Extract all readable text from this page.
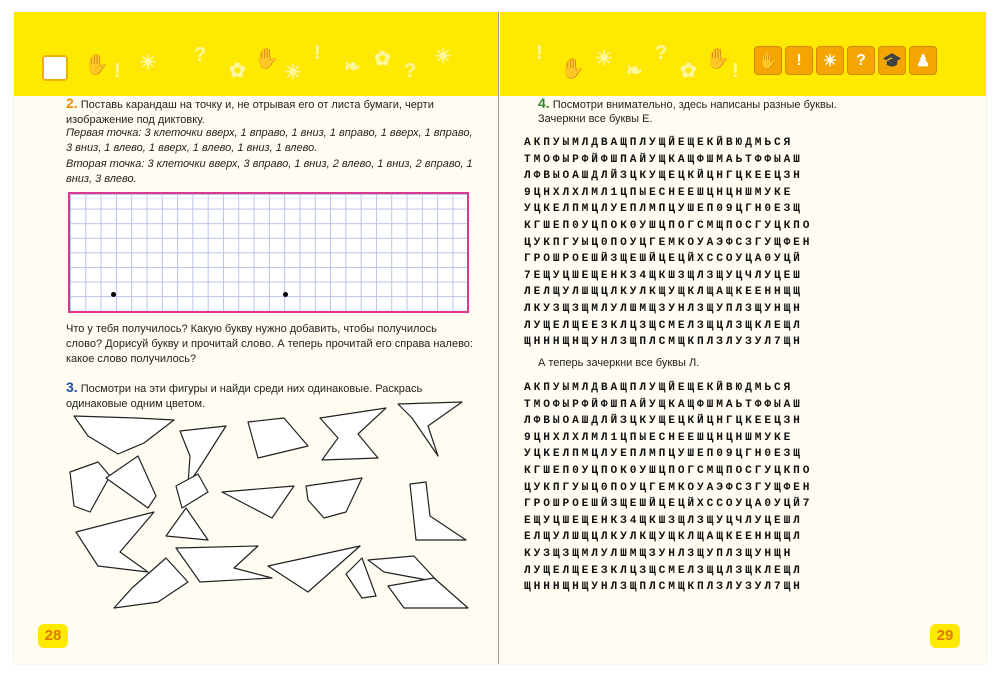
✋ ! ☀ ?
✿
✋
☀
!
❧ ✿
?
☀
2. Поставь карандаш на точку и, не отрывая его от листа бумаги, черти изображение под диктовку.
Первая точка: 3 клеточки вверх, 1 вправо, 1 вниз, 1 вправо, 1 вверх, 1 вправо, 3 вниз, 1 влево, 1 вверх, 1 влево, 1 вниз, 1 влево.
Вторая точка: 3 клеточки вверх, 3 вправо, 1 вниз, 2 влево, 1 вниз, 2 вправо, 1 вниз, 3 влево.
Что у тебя получилось? Какую букву нужно добавить, чтобы получилось слово? Дорисуй букву и прочитай слово. А теперь прочитай его справа налево: какое слово получилось?
3. Посмотри на эти фигуры и найди среди них одинаковые. Раскрась одинаковые одним цветом.
28
!
✋ ☀
❧
?
✿
✋
! ✋	!	☀	?	🎓 ♟
29
4. Посмотри внимательно, здесь написаны разные буквы.
Зачеркни все буквы Е.
АКПУЫМЛДВАЩПЛУЩЙЕЩЕКЙВЮДМЬСЯ
ТМОФЫРФЙФШПАЙУЩКАЩФШМАЬТФФЫАШ
ЛФВЫОАШДЛЙЗЦКУЩЕЦКЙЦНГЦКЕЕЦЗН
9ЦНХЛХЛМЛ1ЦПЫЕСНЕЕШЦНЦНШМУКЕ
УЦКЕЛПМЦЛУЕПЛМПЦУШЕП09ЦГН0ЕЗЩ
КГШЕП0УЦПОК0УШЦПОГСМЩПОСГУЦКПО
ЦУКПГУЫЦ0ПОУЦГЕМКОУАЭФСЗГУЩФЕН
ГРОШРОЕШЙЗЩЕШЙЦЕЦЙХССОУЦА0УЦЙ
7ЕЩУЦШЕЩЕНКЗ4ЩКШЗЩЛЗЩУЦЧЛУЦЕШ
ЛЕЛЩУЛШЩЦЛКУЛКЩУЩКЛЩАЩКЕЕННЩЩ
ЛКУЗЩЗЩМЛУЛШМЩЗУНЛЗЩУПЛЗЩУНЩН
ЛУЩЕЛЩЕЕЗКЛЦЗЩСМЕЛЗЩЦЛЗЩКЛЕЩЛ
ЩНННЩНЩУНЛЗЩПЛСМЩКПЛЗЛУЗУЛ7ЩН
А теперь зачеркни все буквы Л.
АКПУЫМЛДВАЩПЛУЩЙЕЩЕКЙВЮДМЬСЯ
ТМОФЫРФЙФШПАЙУЩКАЩФШМАЬТФФЫАШ
ЛФВЫОАШДЛЙЗЦКУЩЕЦКЙЦНГЦКЕЕЦЗН
9ЦНХЛХЛМЛ1ЦПЫЕСНЕЕШЦНЦНШМУКЕ
УЦКЕЛПМЦЛУЕПЛМПЦУШЕП09ЦГН0ЕЗЩ
КГШЕП0УЦПОК0УШЦПОГСМЩПОСГУЦКПО
ЦУКПГУЫЦ0ПОУЦГЕМКОУАЭФСЗГУЩФЕН
ГРОШРОЕШЙЗЩЕШЙЦЕЦЙХССОУЦА0УЦЙ7
ЕЩУЦШЕЩЕНКЗ4ЩКШЗЩЛЗЩУЦЧЛУЦЕШЛ
ЕЛЩУЛШЩЦЛКУЛКЩУЩКЛЩАЩКЕЕННЩЩЛ
КУЗЩЗЩМЛУЛШМЩЗУНЛЗЩУПЛЗЩУНЩН
ЛУЩЕЛЩЕЕЗКЛЦЗЩСМЕЛЗЩЦЛЗЩКЛЕЩЛ
ЩНННЩНЩУНЛЗЩПЛСМЩКПЛЗЛУЗУЛ7ЩН
